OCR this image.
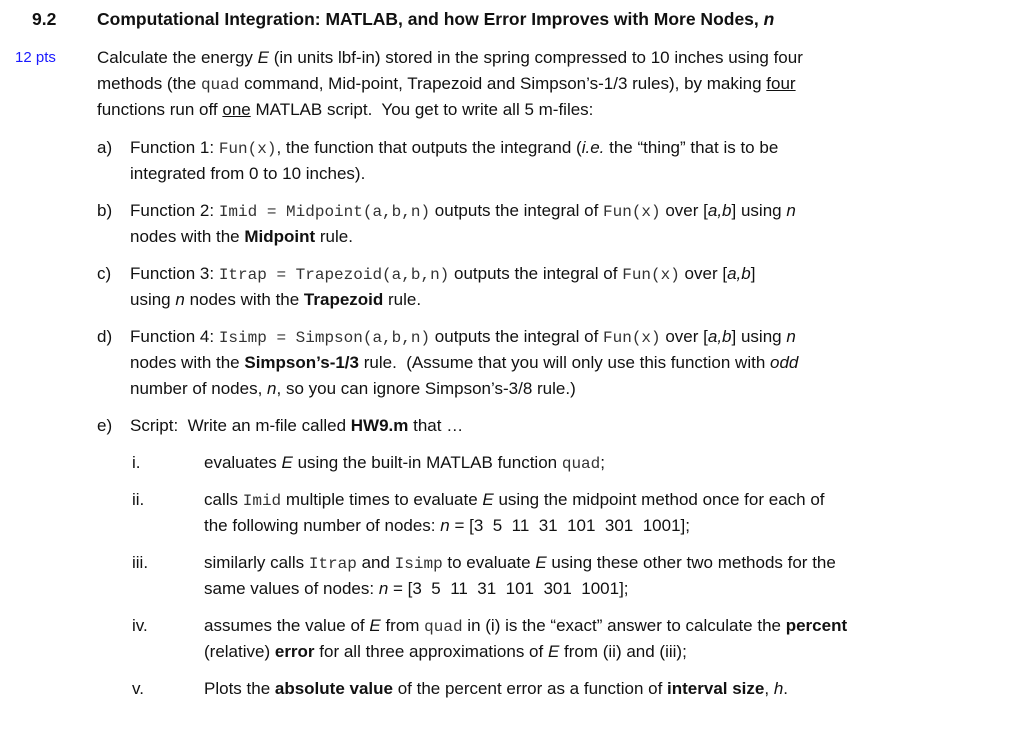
9.2 Computational Integration: MATLAB, and how Error Improves with More Nodes, n
12 pts Calculate the energy E (in units lbf-in) stored in the spring compressed to 10 inches using four
methods (the quad command, Mid-point, Trapezoid and Simpson’s-1/3 rules), by making four
functions run off one MATLAB script.  You get to write all 5 m-files:
a) Function 1: Fun(x), the function that outputs the integrand (i.e. the “thing” that is to be
integrated from 0 to 10 inches).
b) Function 2: Imid = Midpoint(a,b,n) outputs the integral of Fun(x) over [a,b] using n
nodes with the Midpoint rule.
c) Function 3: Itrap = Trapezoid(a,b,n) outputs the integral of Fun(x) over [a,b]
using n nodes with the Trapezoid rule.
d) Function 4: Isimp = Simpson(a,b,n) outputs the integral of Fun(x) over [a,b] using n
nodes with the Simpson’s-1/3 rule.  (Assume that you will only use this function with odd
number of nodes, n, so you can ignore Simpson’s-3/8 rule.)
e) Script:  Write an m-file called HW9.m that …
i.	evaluates E using the built-in MATLAB function quad;
ii.	calls Imid multiple times to evaluate E using the midpoint method once for each of
the following number of nodes: n = [3  5  11  31  101  301  1001];
iii.	similarly calls Itrap and Isimp to evaluate E using these other two methods for the
same values of nodes: n = [3  5  11  31  101  301  1001];
iv.	assumes the value of E from quad in (i) is the “exact” answer to calculate the percent
(relative) error for all three approximations of E from (ii) and (iii);
v.	Plots the absolute value of the percent error as a function of interval size, h.
